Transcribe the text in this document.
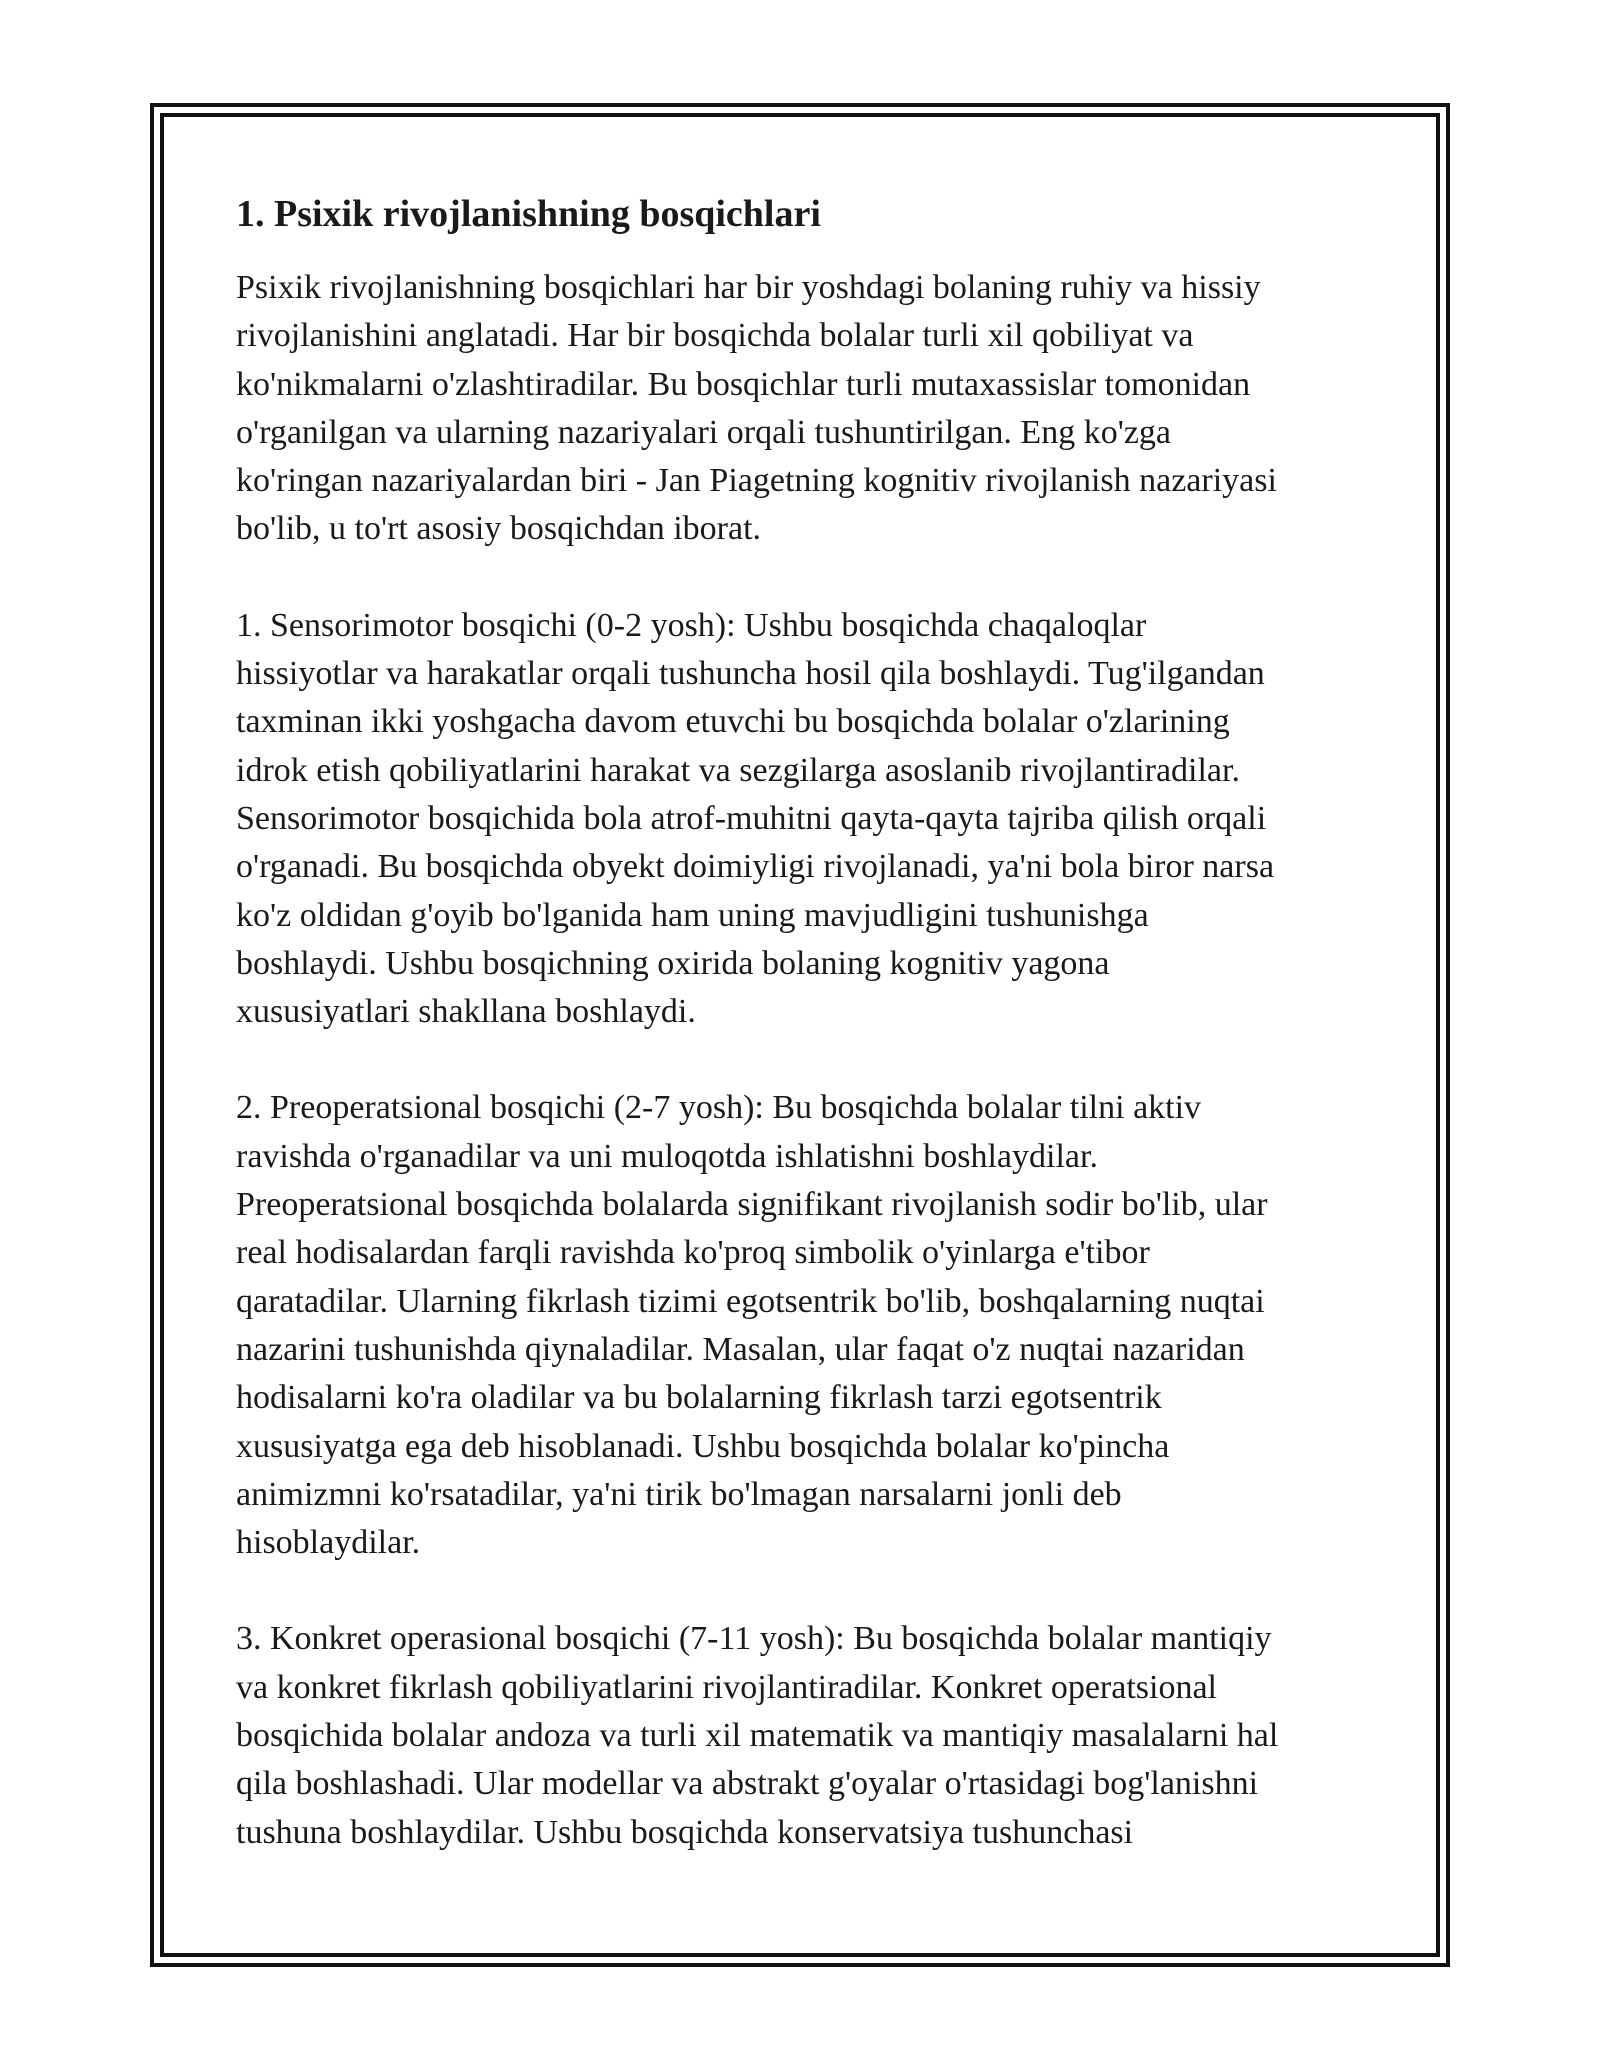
1. Psixik rivojlanishning bosqichlari

Psixik rivojlanishning bosqichlari har bir yoshdagi bolaning ruhiy va hissiy
rivojlanishini anglatadi. Har bir bosqichda bolalar turli xil qobiliyat va
ko'nikmalarni o'zlashtiradilar. Bu bosqichlar turli mutaxassislar tomonidan
o'rganilgan va ularning nazariyalari orqali tushuntirilgan. Eng ko'zga
ko'ringan nazariyalardan biri - Jan Piagetning kognitiv rivojlanish nazariyasi
bo'lib, u to'rt asosiy bosqichdan iborat.

1. Sensorimotor bosqichi (0-2 yosh): Ushbu bosqichda chaqaloqlar
hissiyotlar va harakatlar orqali tushuncha hosil qila boshlaydi. Tug'ilgandan
taxminan ikki yoshgacha davom etuvchi bu bosqichda bolalar o'zlarining
idrok etish qobiliyatlarini harakat va sezgilarga asoslanib rivojlantiradilar.
Sensorimotor bosqichida bola atrof-muhitni qayta-qayta tajriba qilish orqali
o'rganadi. Bu bosqichda obyekt doimiyligi rivojlanadi, ya'ni bola biror narsa
ko'z oldidan g'oyib bo'lganida ham uning mavjudligini tushunishga
boshlaydi. Ushbu bosqichning oxirida bolaning kognitiv yagona
xususiyatlari shakllana boshlaydi.

2. Preoperatsional bosqichi (2-7 yosh): Bu bosqichda bolalar tilni aktiv
ravishda o'rganadilar va uni muloqotda ishlatishni boshlaydilar.
Preoperatsional bosqichda bolalarda signifikant rivojlanish sodir bo'lib, ular
real hodisalardan farqli ravishda ko'proq simbolik o'yinlarga e'tibor
qaratadilar. Ularning fikrlash tizimi egotsentrik bo'lib, boshqalarning nuqtai
nazarini tushunishda qiynaladilar. Masalan, ular faqat o'z nuqtai nazaridan
hodisalarni ko'ra oladilar va bu bolalarning fikrlash tarzi egotsentrik
xususiyatga ega deb hisoblanadi. Ushbu bosqichda bolalar ko'pincha
animizmni ko'rsatadilar, ya'ni tirik bo'lmagan narsalarni jonli deb
hisoblaydilar.

3. Konkret operasional bosqichi (7-11 yosh): Bu bosqichda bolalar mantiqiy
va konkret fikrlash qobiliyatlarini rivojlantiradilar. Konkret operatsional
bosqichida bolalar andoza va turli xil matematik va mantiqiy masalalarni hal
qila boshlashadi. Ular modellar va abstrakt g'oyalar o'rtasidagi bog'lanishni
tushuna boshlaydilar. Ushbu bosqichda konservatsiya tushunchasi
